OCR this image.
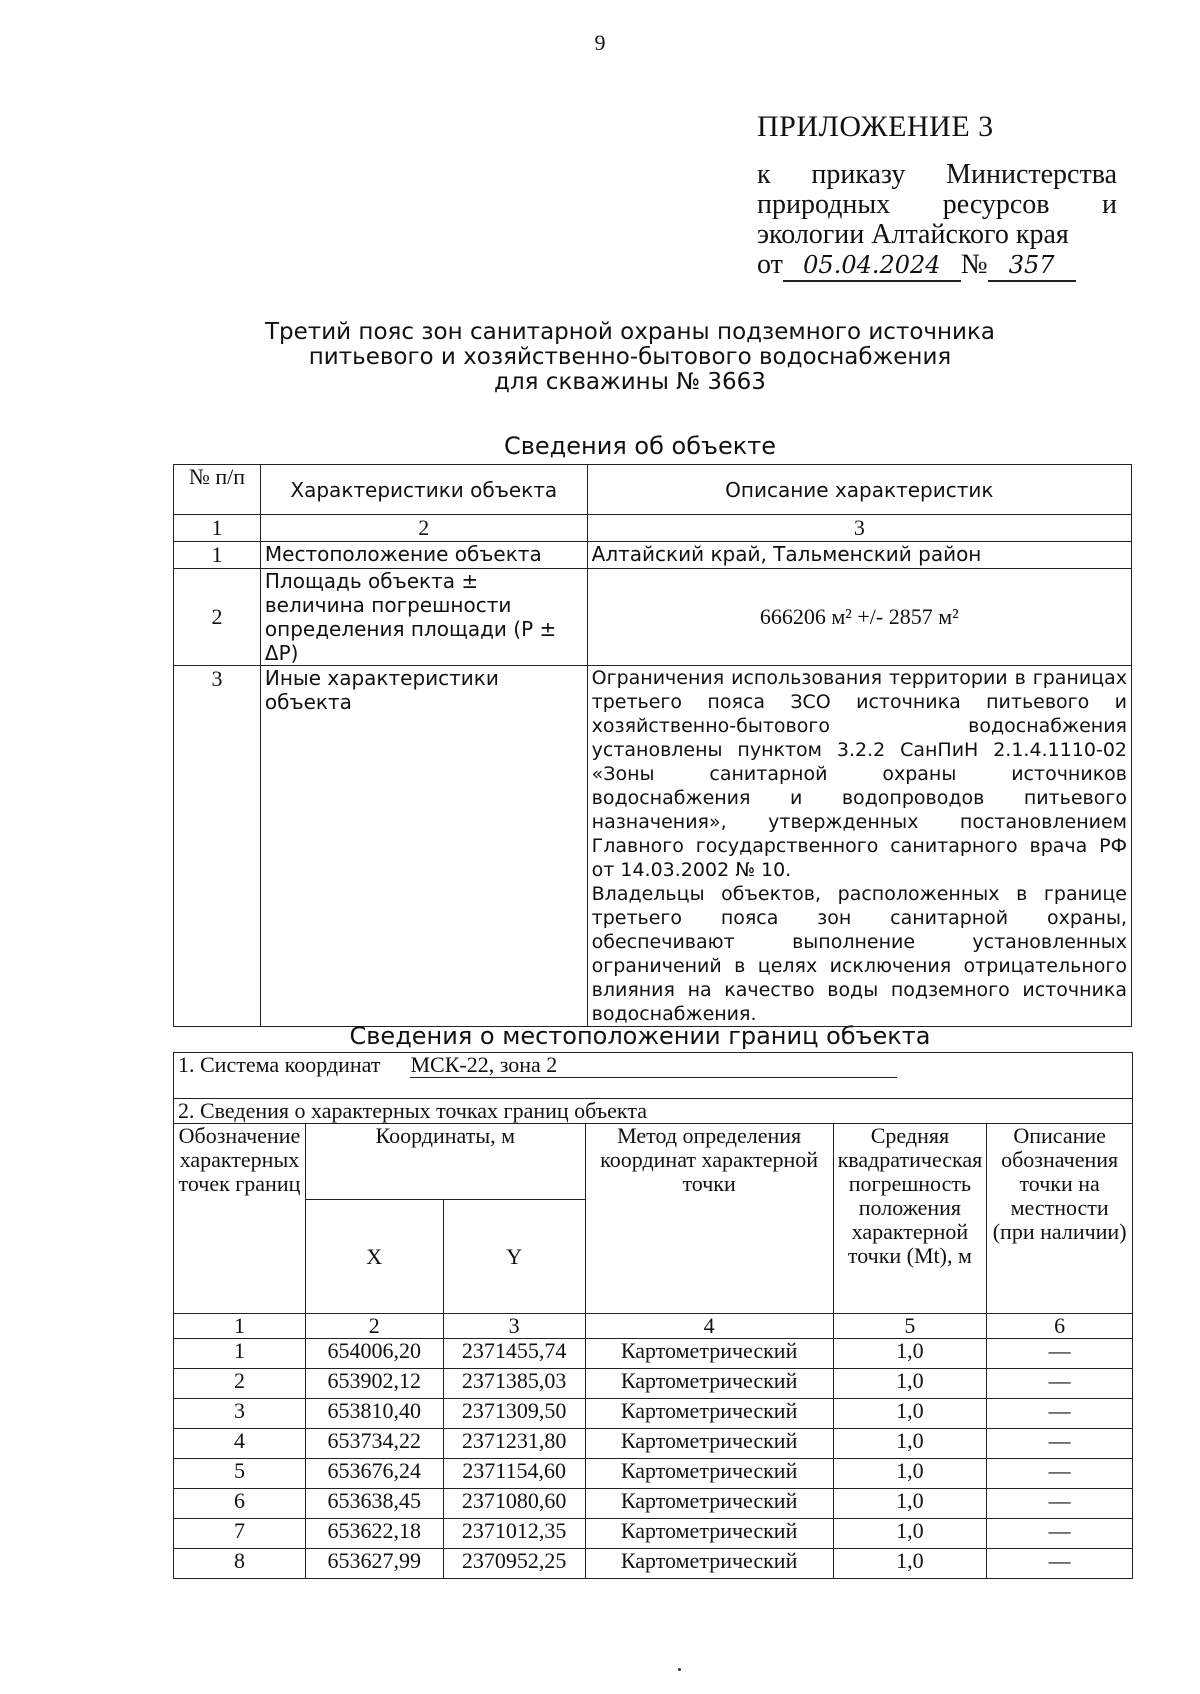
9
ПРИЛОЖЕНИЕ 3
к приказу Министерства
природных ресурсов и
экологии Алтайского края
от 05.04.2024 № 357
Третий пояс зон санитарной охраны подземного источника
питьевого и хозяйственно-бытового водоснабжения
для скважины № 3663
Сведения об объекте
№ п/п	Характеристики объекта	Описание характеристик
1	2	3
1	Местоположение объекта	Алтайский край, Тальменский район
2	Площадь объекта ± величина погрешности определения площади (Р ± ΔР)	666206 м² +/- 2857 м²
3	Иные характеристики объекта	Ограничения использования территории в границах третьего пояса ЗСО источника питьевого и хозяйственно-бытового водоснабжения установлены пунктом 3.2.2 СанПиН 2.1.4.1110-02 «Зоны санитарной охраны источников водоснабжения и водопроводов питьевого назначения», утвержденных постановлением Главного государственного санитарного врача РФ от 14.03.2002 № 10.
Владельцы объектов, расположенных в границе третьего пояса зон санитарной охраны, обеспечивают выполнение установленных ограничений в целях исключения отрицательного влияния на качество воды подземного источника водоснабжения.
Сведения о местоположении границ объекта
1. Система координат МСК-22, зона 2					

2. Сведения о характерных точках границ объекта					
Обозначение характерных точек границ	Координаты, м		Метод определения координат характерной точки	Средняя квадратическая погрешность положения характерной точки (Mt), м	Описание обозначения точки на местности (при наличии)
	X	Y			
1	2	3	4	5	6
1	654006,20	2371455,74	Картометрический	1,0	—
2	653902,12	2371385,03	Картометрический	1,0	—
3	653810,40	2371309,50	Картометрический	1,0	—
4	653734,22	2371231,80	Картометрический	1,0	—
5	653676,24	2371154,60	Картометрический	1,0	—
6	653638,45	2371080,60	Картометрический	1,0	—
7	653622,18	2371012,35	Картометрический	1,0	—
8	653627,99	2370952,25	Картометрический	1,0	—
